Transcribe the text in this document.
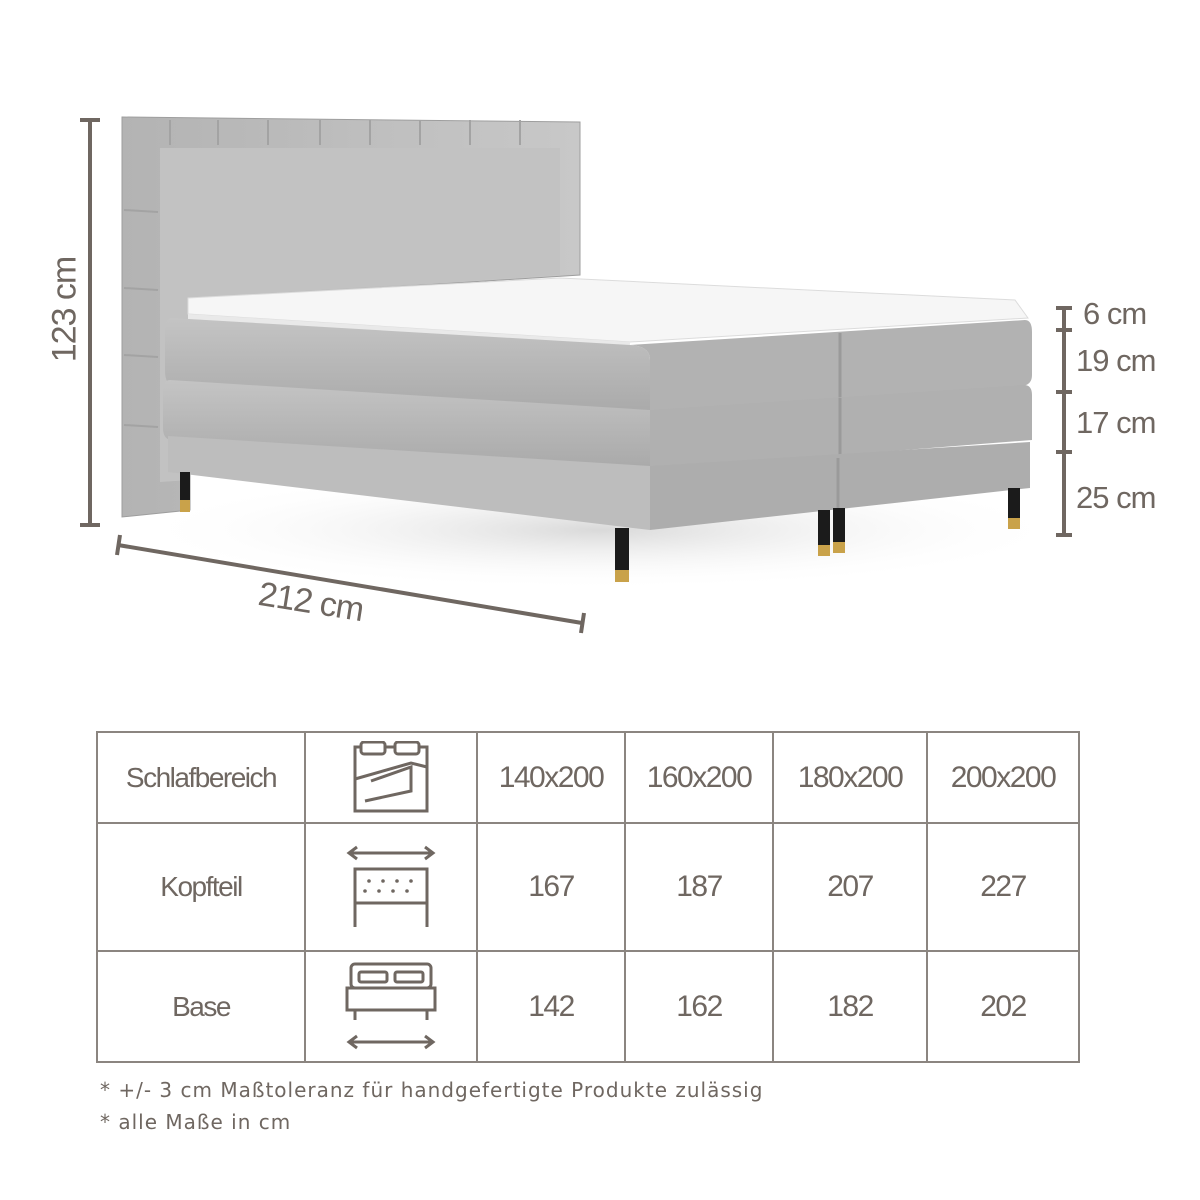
123 cm
212 cm
6 cm
19 cm
17 cm
25 cm
Schlafbereich		140x200	160x200	180x200	200x200
Kopfteil		167	187	207	227
Base		142	162	182	202
* +/- 3 cm Maßtoleranz für handgefertigte Produkte zulässig
* alle Maße in cm
